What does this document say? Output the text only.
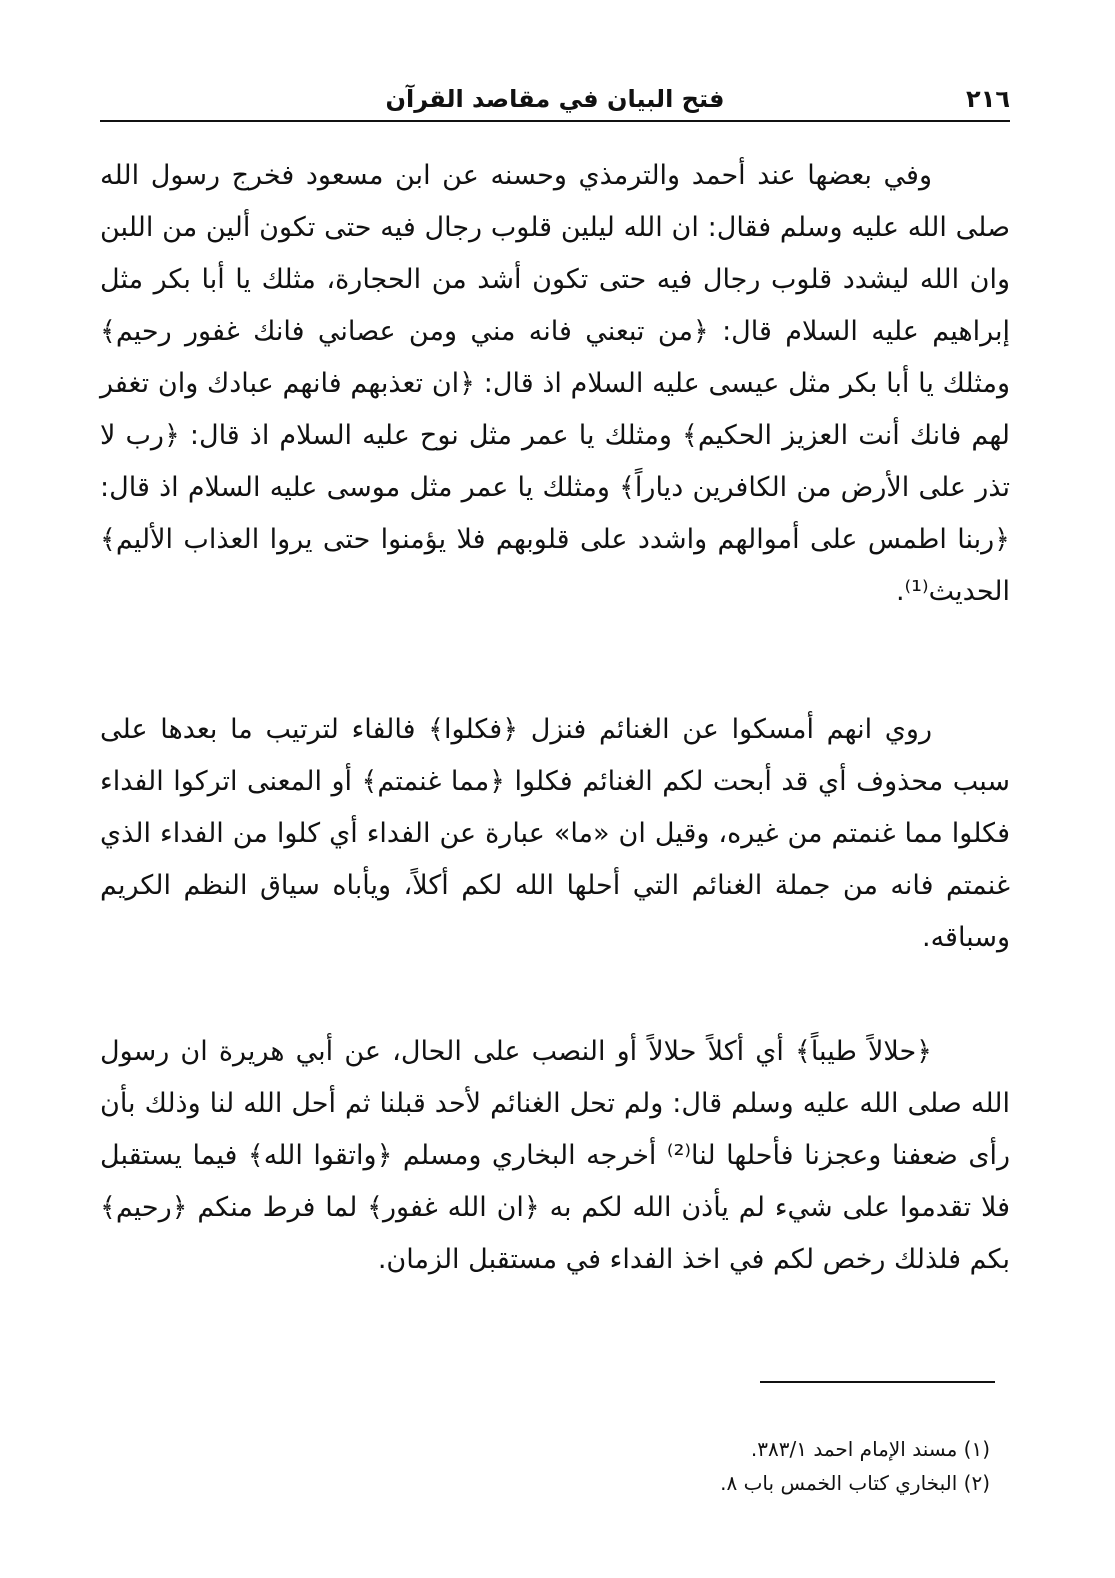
٢١٦
فتح البيان في مقاصد القرآن

وفي بعضها عند أحمد والترمذي وحسنه عن ابن مسعود فخرج رسول الله صلى الله عليه وسلم فقال: ان الله ليلين قلوب رجال فيه حتى تكون ألين من اللبن وان الله ليشدد قلوب رجال فيه حتى تكون أشد من الحجارة، مثلك يا أبا بكر مثل إبراهيم عليه السلام قال: ﴿من تبعني فانه مني ومن عصاني فانك غفور رحيم﴾ ومثلك يا أبا بكر مثل عيسى عليه السلام اذ قال: ﴿ان تعذبهم فانهم عبادك وان تغفر لهم فانك أنت العزيز الحكيم﴾ ومثلك يا عمر مثل نوح عليه السلام اذ قال: ﴿رب لا تذر على الأرض من الكافرين دياراً﴾ ومثلك يا عمر مثل موسى عليه السلام اذ قال: ﴿ربنا اطمس على أموالهم واشدد على قلوبهم فلا يؤمنوا حتى يروا العذاب الأليم﴾ الحديث⁽¹⁾.

روي انهم أمسكوا عن الغنائم فنزل ﴿فكلوا﴾ فالفاء لترتيب ما بعدها على سبب محذوف أي قد أبحت لكم الغنائم فكلوا ﴿مما غنمتم﴾ أو المعنى اتركوا الفداء فكلوا مما غنمتم من غيره، وقيل ان «ما» عبارة عن الفداء أي كلوا من الفداء الذي غنمتم فانه من جملة الغنائم التي أحلها الله لكم أكلاً، ويأباه سياق النظم الكريم وسباقه.

﴿حلالاً طيباً﴾ أي أكلاً حلالاً أو النصب على الحال، عن أبي هريرة ان رسول الله صلى الله عليه وسلم قال: ولم تحل الغنائم لأحد قبلنا ثم أحل الله لنا وذلك بأن رأى ضعفنا وعجزنا فأحلها لنا⁽²⁾ أخرجه البخاري ومسلم ﴿واتقوا الله﴾ فيما يستقبل فلا تقدموا على شيء لم يأذن الله لكم به ﴿ان الله غفور﴾ لما فرط منكم ﴿رحيم﴾ بكم فلذلك رخص لكم في اخذ الفداء في مستقبل الزمان.

(١) مسند الإمام احمد ٣٨٣/١.

(٢) البخاري كتاب الخمس باب ٨.
